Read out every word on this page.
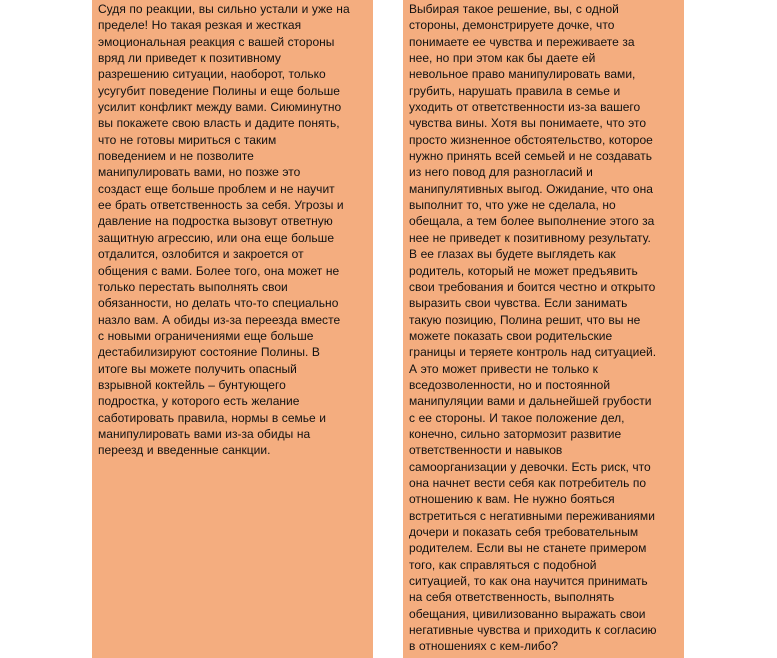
Судя по реакции, вы сильно устали и уже на
пределе! Но такая резкая и жесткая
эмоциональная реакция с вашей стороны
вряд ли приведет к позитивному
разрешению ситуации, наоборот, только
усугубит поведение Полины и еще больше
усилит конфликт между вами. Сиюминутно
вы покажете свою власть и дадите понять,
что не готовы мириться с таким
поведением и не позволите
манипулировать вами, но позже это
создаст еще больше проблем и не научит
ее брать ответственность за себя. Угрозы и
давление на подростка вызовут ответную
защитную агрессию, или она еще больше
отдалится, озлобится и закроется от
общения с вами. Более того, она может не
только перестать выполнять свои
обязанности, но делать что-то специально
назло вам. А обиды из-за переезда вместе
с новыми ограничениями еще больше
дестабилизируют состояние Полины. В
итоге вы можете получить опасный
взрывной коктейль – бунтующего
подростка, у которого есть желание
саботировать правила, нормы в семье и
манипулировать вами из-за обиды на
переезд и введенные санкции.

Выбирая такое решение, вы, с одной
стороны, демонстрируете дочке, что
понимаете ее чувства и переживаете за
нее, но при этом как бы даете ей
невольное право манипулировать вами,
грубить, нарушать правила в семье и
уходить от ответственности из-за вашего
чувства вины. Хотя вы понимаете, что это
просто жизненное обстоятельство, которое
нужно принять всей семьей и не создавать
из него повод для разногласий и
манипулятивных выгод. Ожидание, что она
выполнит то, что уже не сделала, но
обещала, а тем более выполнение этого за
нее не приведет к позитивному результату.
В ее глазах вы будете выглядеть как
родитель, который не может предъявить
свои требования и боится честно и открыто
выразить свои чувства. Если занимать
такую позицию, Полина решит, что вы не
можете показать свои родительские
границы и теряете контроль над ситуацией.
А это может привести не только к
вседозволенности, но и постоянной
манипуляции вами и дальнейшей грубости
с ее стороны. И такое положение дел,
конечно, сильно затормозит развитие
ответственности и навыков
самоорганизации у девочки. Есть риск, что
она начнет вести себя как потребитель по
отношению к вам. Не нужно бояться
встретиться с негативными переживаниями
дочери и показать себя требовательным
родителем. Если вы не станете примером
того, как справляться с подобной
ситуацией, то как она научится принимать
на себя ответственность, выполнять
обещания, цивилизованно выражать свои
негативные чувства и приходить к согласию
в отношениях с кем-либо?
